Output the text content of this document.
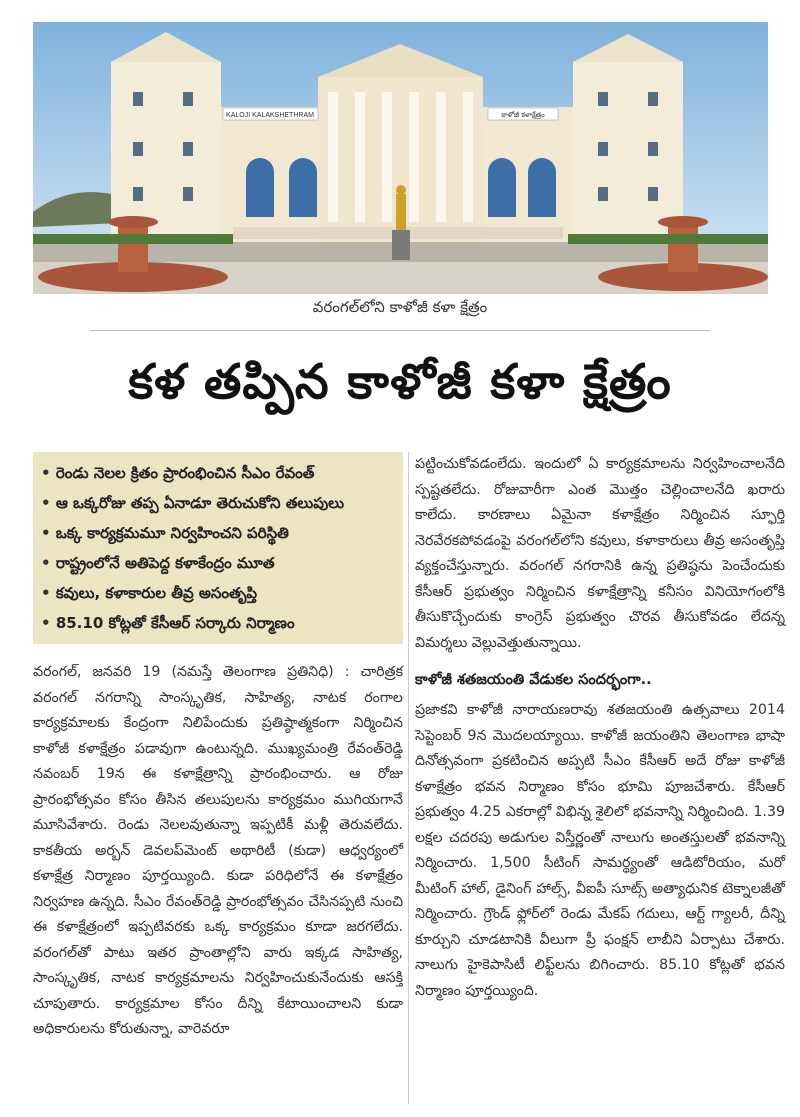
KALOJI KALAKSHETHRAM	కాళోజీ కళాక్షేత్రం
వరంగల్‌లోని కాళోజీ కళా క్షేత్రం
కళ తప్పిన కాళోజీ కళా క్షేత్రం
• రెండు నెలల క్రితం ప్రారంభించిన సీఎం రేవంత్
• ఆ ఒక్కరోజు తప్ప ఏనాడూ తెరుచుకోని తలుపులు
• ఒక్క కార్యక్రమమూ నిర్వహించని పరిస్థితి
• రాష్ట్రంలోనే అతిపెద్ద కళాకేంద్రం మూత
• కవులు, కళాకారుల తీవ్ర అసంతృప్తి
• 85.10 కోట్లతో కేసీఆర్ సర్కారు నిర్మాణం

వరంగల్, జనవరి 19 (నమస్తే తెలంగాణ ప్రతినిధి) : చారిత్రక వరంగల్ నగరాన్ని సాంస్కృతిక, సాహిత్య, నాటక రంగాల కార్యక్రమాలకు కేంద్రంగా నిలిపేందుకు ప్రతిష్ఠాత్మకంగా నిర్మించిన కాళోజీ కళాక్షేత్రం పడావుగా ఉంటున్నది. ముఖ్యమంత్రి రేవంత్‌రెడ్డి నవంబర్ 19న ఈ కళాక్షేత్రాన్ని ప్రారంభించారు. ఆ రోజు ప్రారంభోత్సవం కోసం తీసిన తలుపులను కార్యక్రమం ముగియగానే మూసివేశారు. రెండు నెలలవుతున్నా ఇప్పటికీ మళ్లీ తెరువలేదు. కాకతీయ అర్బన్ డెవలప్‌మెంట్ అథారిటీ (కుడా) ఆధ్వర్యంలో కళాక్షేత్ర నిర్మాణం పూర్తయ్యింది. కుడా పరిధిలోనే ఈ కళాక్షేత్రం నిర్వహణ ఉన్నది. సీఎం రేవంత్‌రెడ్డి ప్రారంభోత్సవం చేసినప్పటి నుంచి ఈ కళాక్షేత్రంలో ఇప్పటివరకు ఒక్క కార్యక్రమం కూడా జరగలేదు. వరంగల్‌తో పాటు ఇతర ప్రాంతాల్లోని వారు ఇక్కడ సాహిత్య, సాంస్కృతిక, నాటక కార్యక్రమాలను నిర్వహించుకునేందుకు ఆసక్తి చూపుతారు. కార్యక్రమాల కోసం దీన్ని కేటాయించాలని కుడా అధికారులను కోరుతున్నా, వారెవరూ

పట్టించుకోవడంలేదు. ఇందులో ఏ కార్యక్రమాలను నిర్వహించాలనేది స్పష్టతలేదు. రోజువారీగా ఎంత మొత్తం చెల్లించాలనేది ఖరారు కాలేదు. కారణాలు ఏమైనా కళాక్షేత్రం నిర్మించిన స్ఫూర్తి నెరవేరకపోవడంపై వరంగల్‌లోని కవులు, కళాకారులు తీవ్ర అసంతృప్తి వ్యక్తంచేస్తున్నారు. వరంగల్ నగరానికి ఉన్న ప్రతిష్ఠను పెంచేందుకు కేసీఆర్ ప్రభుత్వం నిర్మించిన కళాక్షేత్రాన్ని కనీసం వినియోగంలోకి తీసుకొచ్చేందుకు కాంగ్రెస్ ప్రభుత్వం చొరవ తీసుకోవడం లేదన్న విమర్శలు వెల్లువెత్తుతున్నాయి.

కాళోజీ శతజయంతి వేడుకల సందర్భంగా..

ప్రజాకవి కాళోజీ నారాయణరావు శతజయంతి ఉత్సవాలు 2014 సెప్టెంబర్ 9న మొదలయ్యాయి. కాళోజీ జయంతిని తెలంగాణ భాషా దినోత్సవంగా ప్రకటించిన అప్పటి సీఎం కేసీఆర్ అదే రోజు కాళోజీ కళాక్షేత్రం భవన నిర్మాణం కోసం భూమి పూజచేశారు. కేసీఆర్ ప్రభుత్వం 4.25 ఎకరాల్లో విభిన్న శైలిలో భవనాన్ని నిర్మించింది. 1.39 లక్షల చదరపు అడుగుల విస్తీర్ణంతో నాలుగు అంతస్తులతో భవనాన్ని నిర్మించారు. 1,500 సీటింగ్ సామర్థ్యంతో ఆడిటోరియం, మరో మీటింగ్ హాల్, డైనింగ్ హాల్స్, వీఐపీ సూట్స్ అత్యాధునిక టెక్నాలజీతో నిర్మించారు. గ్రౌండ్ ఫ్లోర్‌లో రెండు మేకప్ గదులు, ఆర్ట్ గ్యాలరీ, దీన్ని కూర్చుని చూడటానికి వీలుగా ప్రీ ఫంక్షన్ లాబీని ఏర్పాటు చేశారు. నాలుగు హైకెపాసిటీ లిఫ్ట్‌లను బిగించారు. 85.10 కోట్లతో భవన నిర్మాణం పూర్తయ్యింది.
